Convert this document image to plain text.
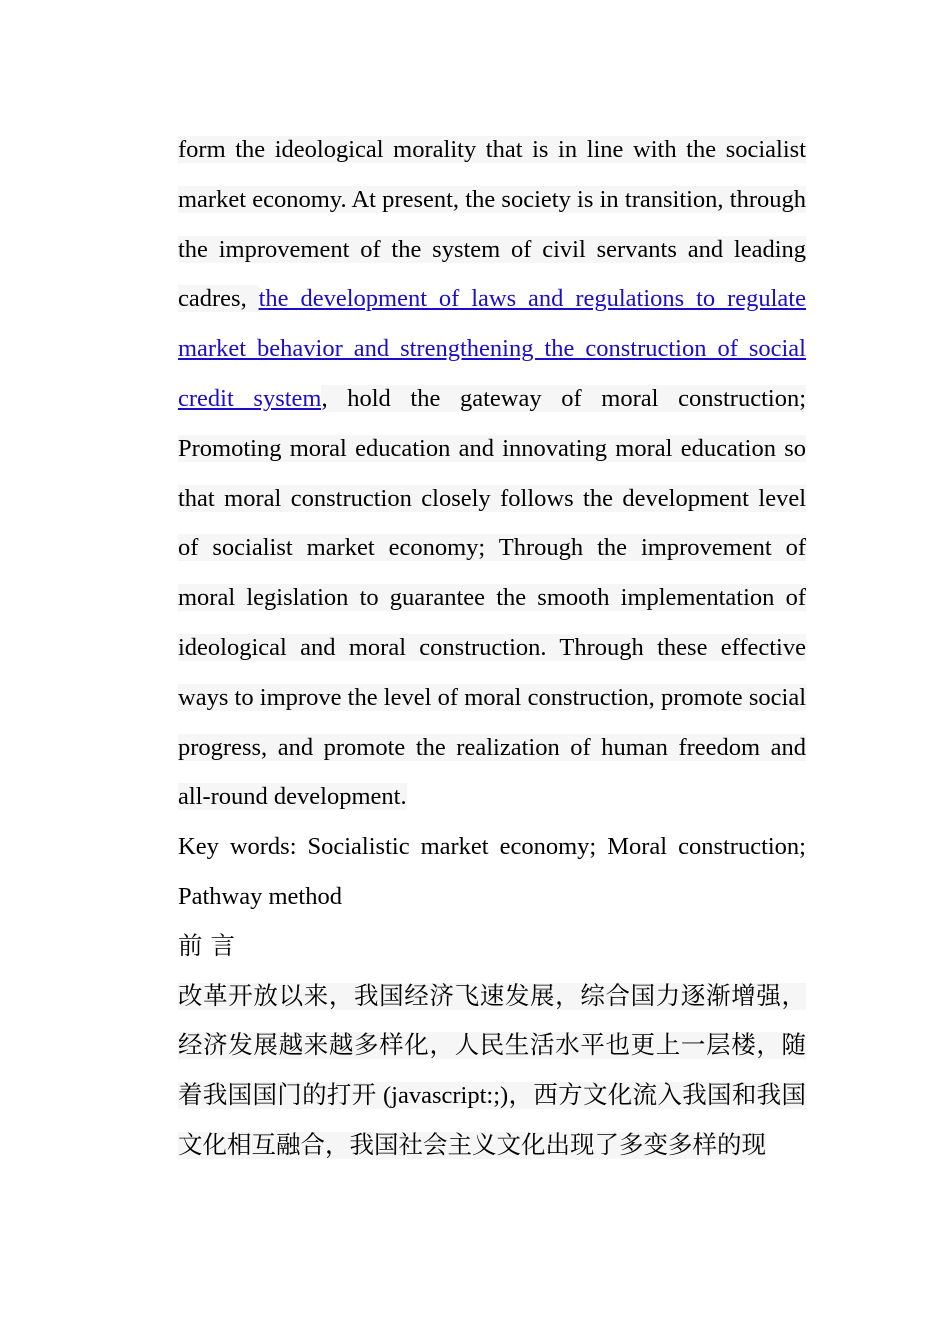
form the ideological morality that is in line with the socialist market economy. At present, the society is in transition, through the improvement of the system of civil servants and leading cadres, the development of laws and regulations to regulate market behavior and strengthening the construction of social credit system, hold the gateway of moral construction; Promoting moral education and innovating moral education so that moral construction closely follows the development level of socialist market economy; Through the improvement of moral legislation to guarantee the smooth implementation of ideological and moral construction. Through these effective ways to improve the level of moral construction, promote social progress, and promote the realization of human freedom and all-round development.

Key words: Socialistic market economy; Moral construction;

Pathway method

前言

改革开放以来，我国经济飞速发展，综合国力逐渐增强，经济发展越来越多样化，人民生活水平也更上一层楼，随着我国国门的打开 (javascript:;)，西方文化流入我国和我国文化相互融合，我国社会主义文化出现了多变多样的现
